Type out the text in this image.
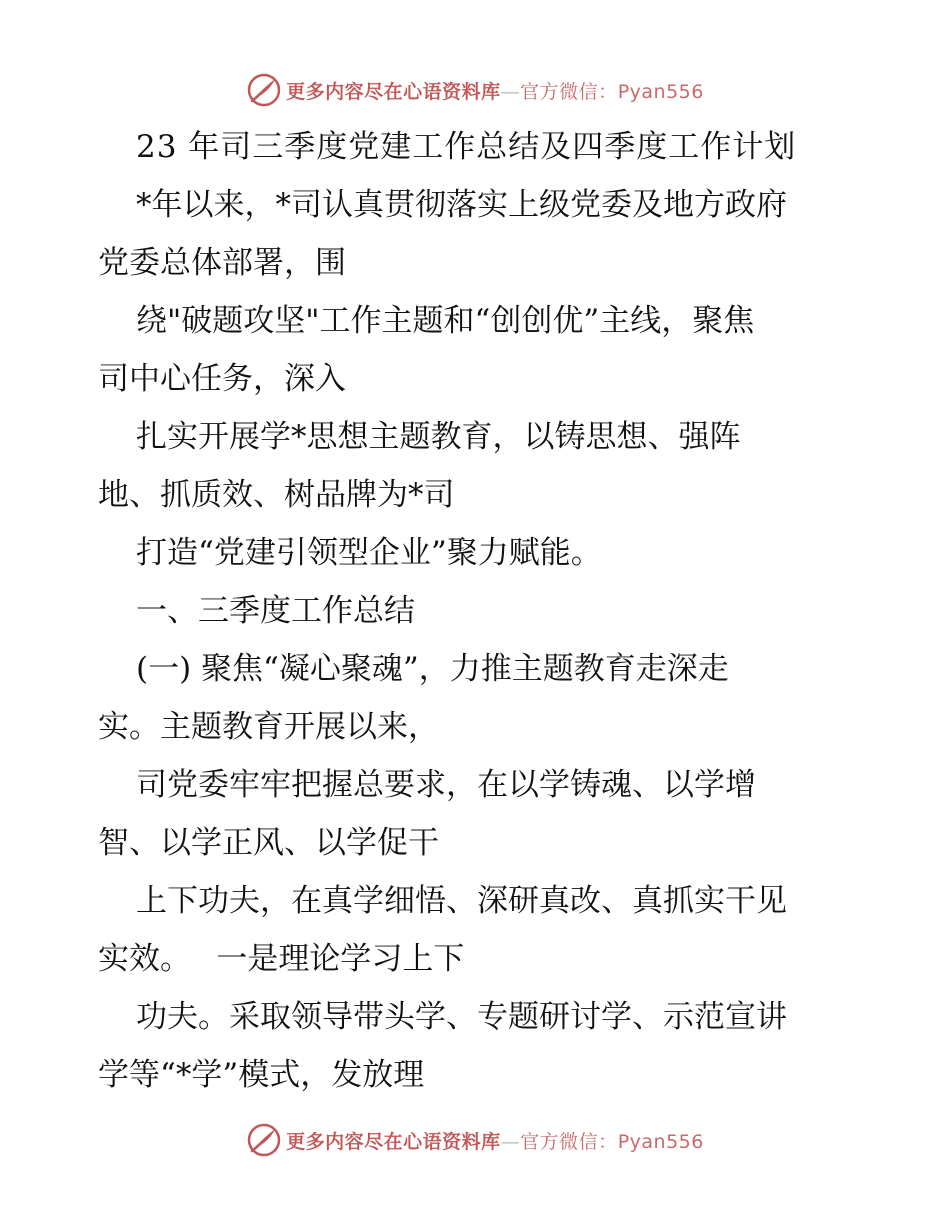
更多内容尽在心语资料库—官方微信：Pyan556
23 年司三季度党建工作总结及四季度工作计划
*年以来，*司认真贯彻落实上级党委及地方政府
党委总体部署，围
绕"破题攻坚"工作主题和“创创优”主线，聚焦
司中心任务，深入
扎实开展学*思想主题教育，以铸思想、强阵
地、抓质效、树品牌为*司
打造“党建引领型企业”聚力赋能。
一、三季度工作总结
(一) 聚焦“凝心聚魂”，力推主题教育走深走
实。主题教育开展以来，
司党委牢牢把握总要求，在以学铸魂、以学增
智、以学正风、以学促干
上下功夫，在真学细悟、深研真改、真抓实干见
实效。　 一是理论学习上下
功夫。采取领导带头学、专题研讨学、示范宣讲
学等“*学”模式，发放理
更多内容尽在心语资料库—官方微信：Pyan556
